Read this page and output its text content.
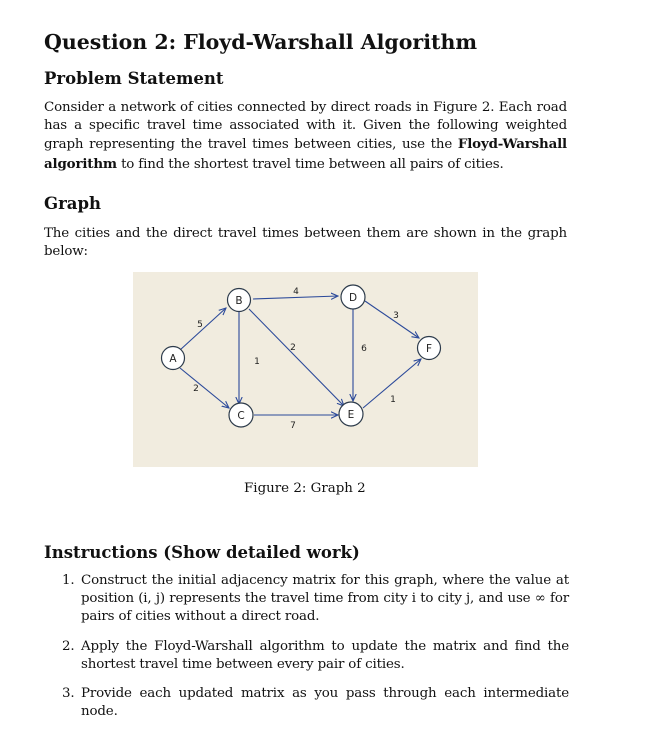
Question 2: Floyd-Warshall Algorithm
Problem Statement

Consider a network of cities connected by direct roads in Figure 2. Each road has a specific travel time associated with it. Given the following weighted graph representing the travel times between cities, use the Floyd-Warshall algorithm to find the shortest travel time between all pairs of cities.

Graph

The cities and the direct travel times between them are shown in the graph below:

A
B
C
D
E
F
5
2
4
1
2
7
6
3
1
Figure 2: Graph 2
Instructions (Show detailed work)
1. Construct the initial adjacency matrix for this graph, where the value at position (i, j) represents the travel time from city i to city j, and use ∞ for pairs of cities without a direct road.
2. Apply the Floyd-Warshall algorithm to update the matrix and find the shortest travel time between every pair of cities.
3. Provide each updated matrix as you pass through each intermediate node.
